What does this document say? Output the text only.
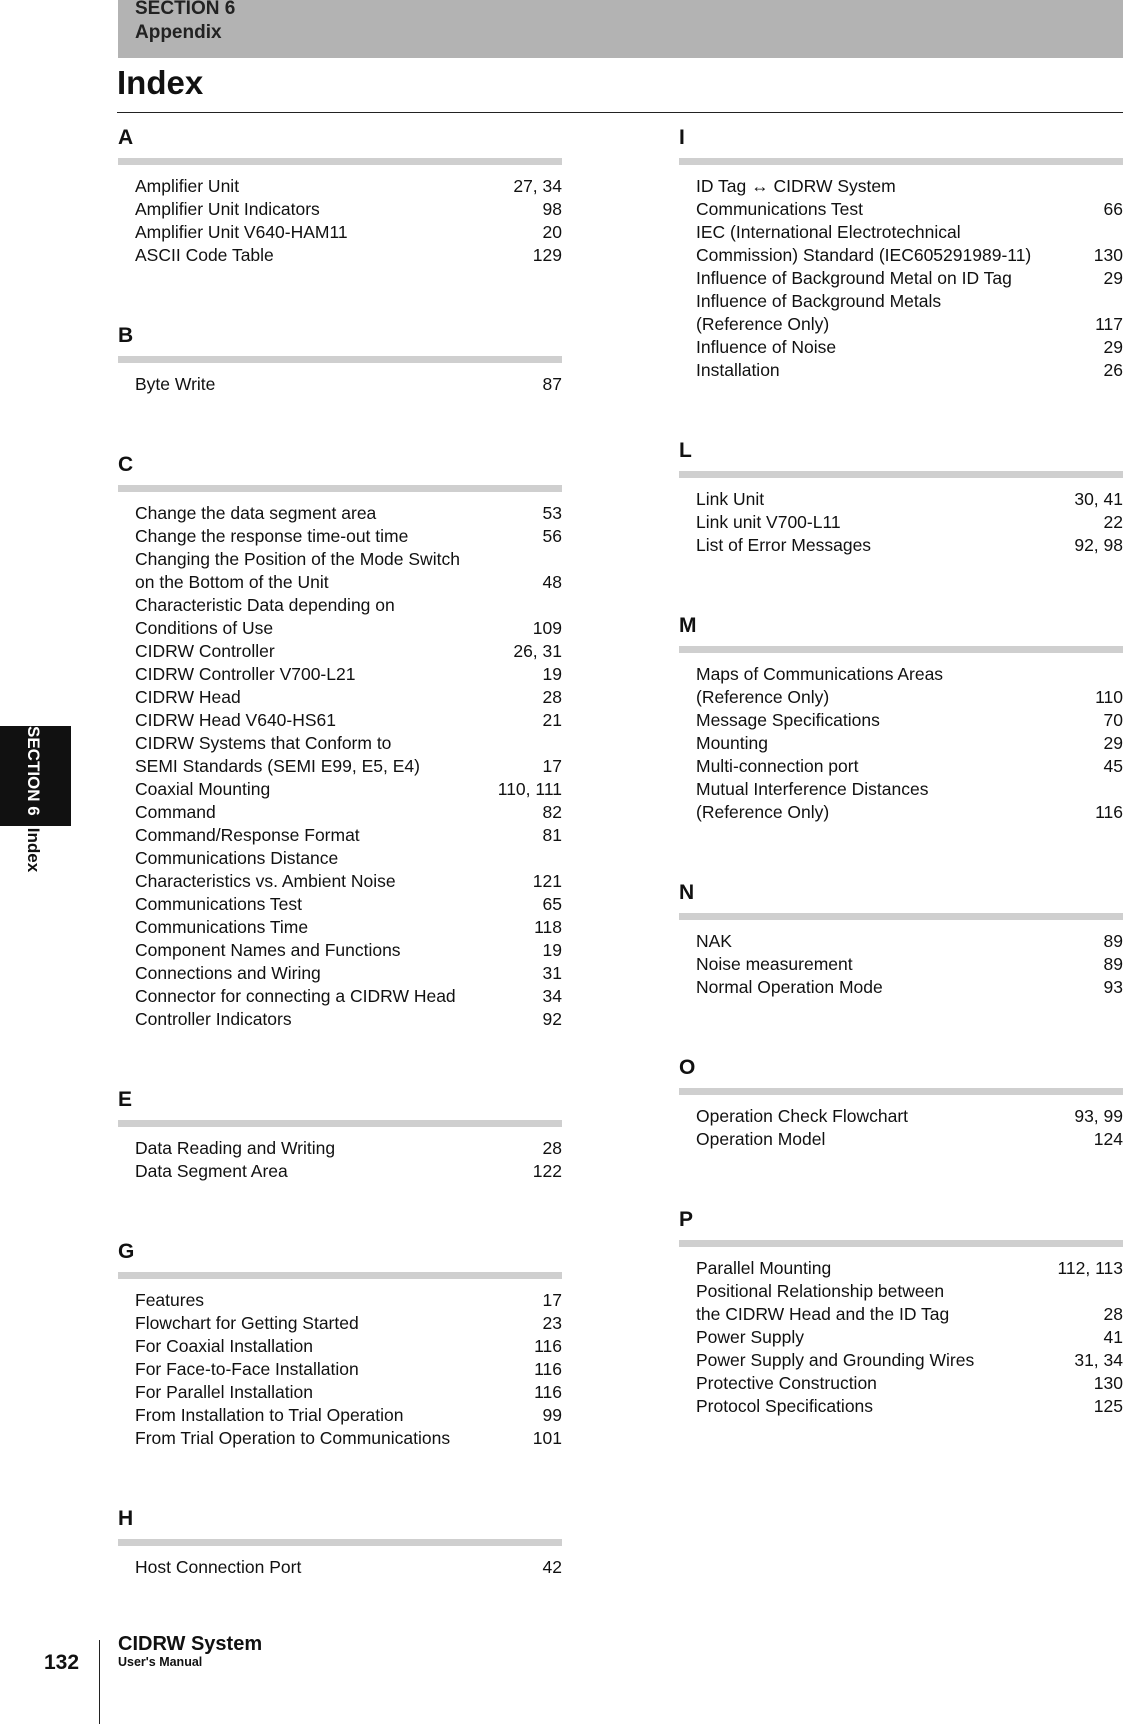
SECTION 6
Appendix
Index
SECTION 6Index
A
Amplifier Unit	27, 34
Amplifier Unit Indicators	98
Amplifier Unit V640-HAM11	20
ASCII Code Table	129
B
Byte Write	87
C
Change the data segment area	53
Change the response time-out time	56
Changing the Position of the Mode Switch
on the Bottom of the Unit	48
Characteristic Data depending on
Conditions of Use	109
CIDRW Controller	26, 31
CIDRW Controller V700-L21	19
CIDRW Head	28
CIDRW Head V640-HS61	21
CIDRW Systems that Conform to
SEMI Standards (SEMI E99, E5, E4)	17
Coaxial Mounting	110, 111
Command	82
Command/Response Format	81
Communications Distance
Characteristics vs. Ambient Noise	121
Communications Test	65
Communications Time	118
Component Names and Functions	19
Connections and Wiring	31
Connector for connecting a CIDRW Head	34
Controller Indicators	92
E
Data Reading and Writing	28
Data Segment Area	122
G
Features	17
Flowchart for Getting Started	23
For Coaxial Installation	116
For Face-to-Face Installation	116
For Parallel Installation	116
From Installation to Trial Operation	99
From Trial Operation to Communications	101
H
Host Connection Port	42
I
ID Tag ↔ CIDRW System
Communications Test	66
IEC (International Electrotechnical
Commission) Standard (IEC605291989-11)	130
Influence of Background Metal on ID Tag	29
Influence of Background Metals
(Reference Only)	117
Influence of Noise	29
Installation	26
L
Link Unit	30, 41
Link unit V700-L11	22
List of Error Messages	92, 98
M
Maps of Communications Areas
(Reference Only)	110
Message Specifications	70
Mounting	29
Multi-connection port	45
Mutual Interference Distances
(Reference Only)	116
N
NAK	89
Noise measurement	89
Normal Operation Mode	93
O
Operation Check Flowchart	93, 99
Operation Model	124
P
Parallel Mounting	112, 113
Positional Relationship between
the CIDRW Head and the ID Tag	28
Power Supply	41
Power Supply and Grounding Wires	31, 34
Protective Construction	130
Protocol Specifications	125
132
CIDRW System
User's Manual
